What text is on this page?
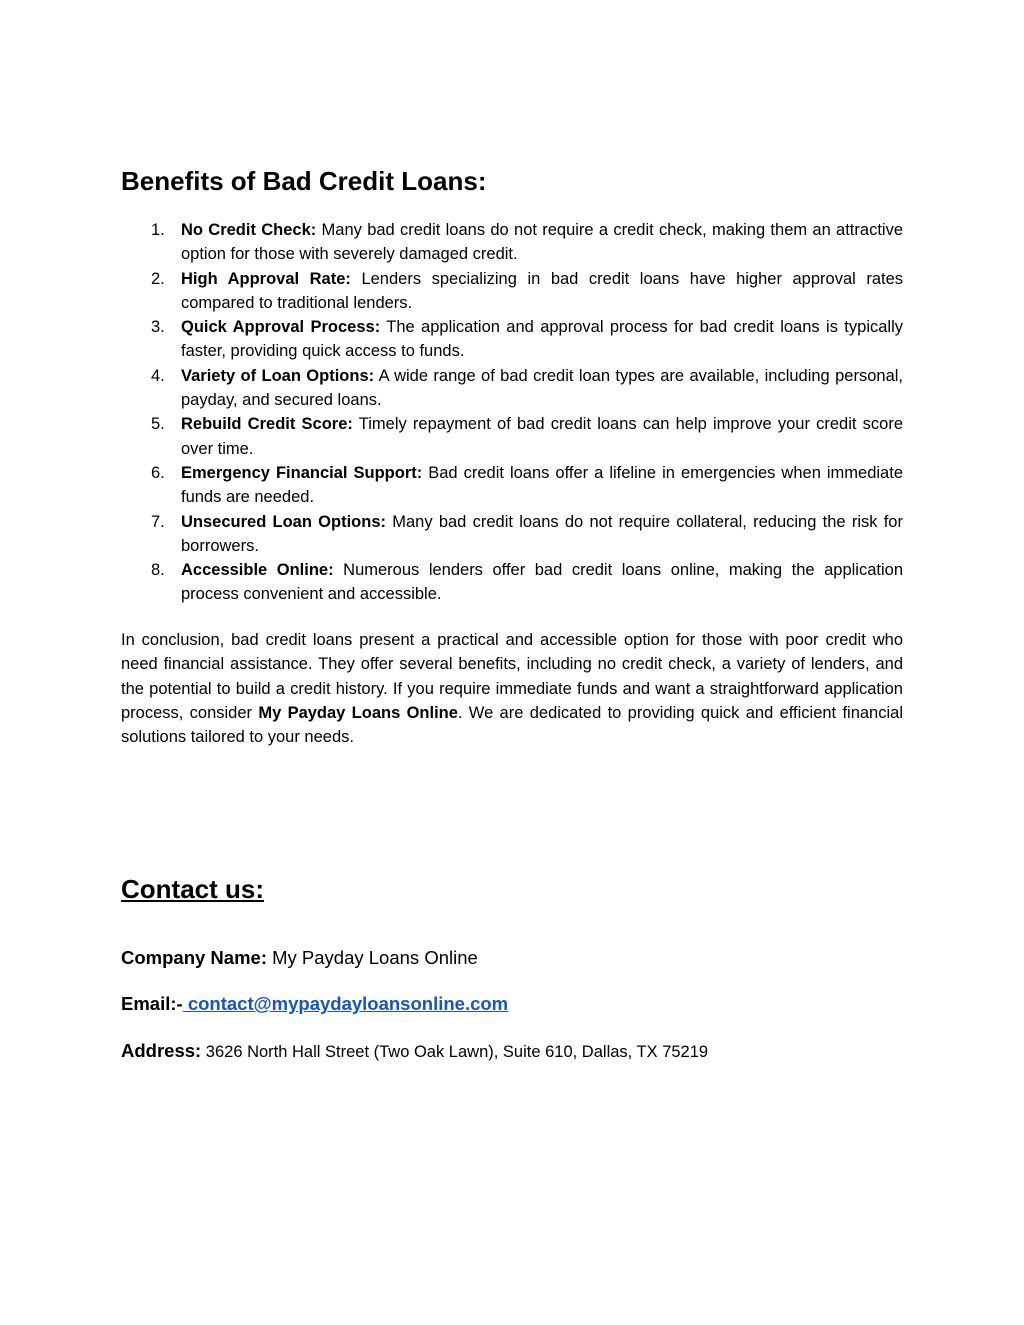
Benefits of Bad Credit Loans:
1. No Credit Check: Many bad credit loans do not require a credit check, making them an attractive option for those with severely damaged credit.
2. High Approval Rate: Lenders specializing in bad credit loans have higher approval rates compared to traditional lenders.
3. Quick Approval Process: The application and approval process for bad credit loans is typically faster, providing quick access to funds.
4. Variety of Loan Options: A wide range of bad credit loan types are available, including personal, payday, and secured loans.
5. Rebuild Credit Score: Timely repayment of bad credit loans can help improve your credit score over time.
6. Emergency Financial Support: Bad credit loans offer a lifeline in emergencies when immediate funds are needed.
7. Unsecured Loan Options: Many bad credit loans do not require collateral, reducing the risk for borrowers.
8. Accessible Online: Numerous lenders offer bad credit loans online, making the application process convenient and accessible.

In conclusion, bad credit loans present a practical and accessible option for those with poor credit who need financial assistance. They offer several benefits, including no credit check, a variety of lenders, and the potential to build a credit history. If you require immediate funds and want a straightforward application process, consider My Payday Loans Online. We are dedicated to providing quick and efficient financial solutions tailored to your needs.

Contact us:

Company Name: My Payday Loans Online

Email:- contact@mypaydayloansonline.com

Address: 3626 North Hall Street (Two Oak Lawn), Suite 610, Dallas, TX 75219
